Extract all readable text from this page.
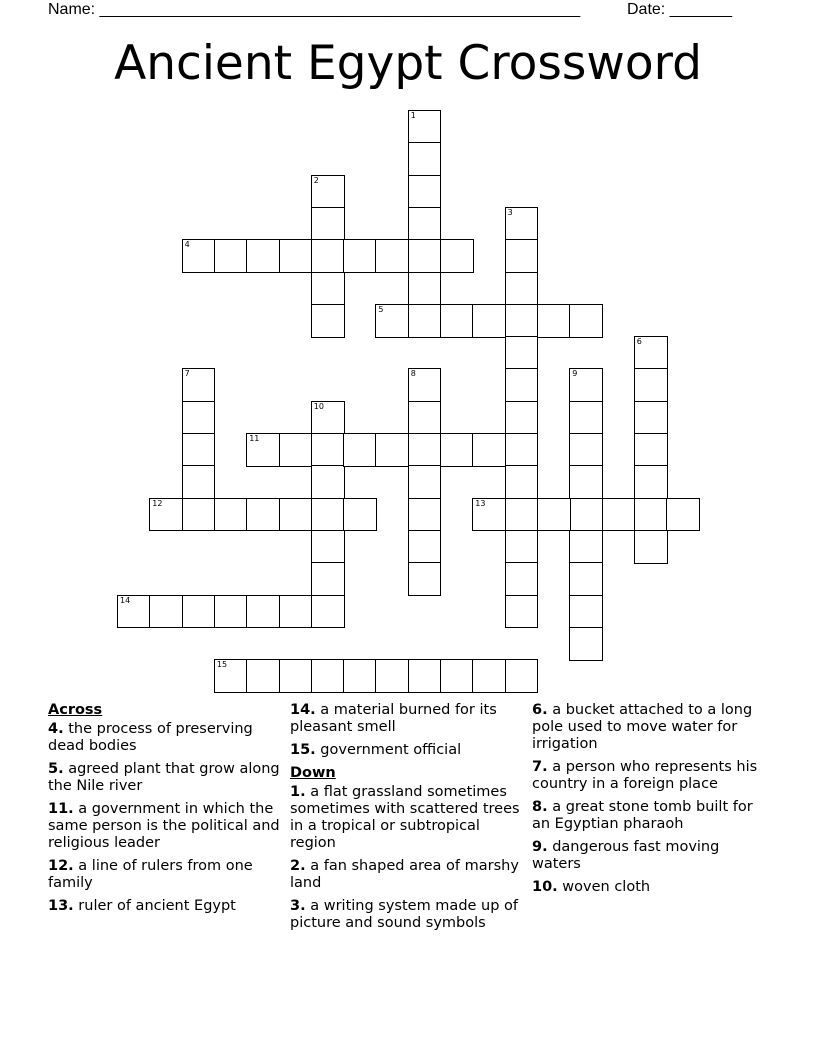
Name: ______________________________________________________	Date: _______
Ancient Egypt Crossword
1
2
3
4
5
6
7	8	9
10
11
12	13
14
15
Across
4. the process of preserving dead bodies
5. agreed plant that grow along the Nile river
11. a government in which the same person is the political and religious leader
12. a line of rulers from one family
13. ruler of ancient Egypt
14. a material burned for its pleasant smell
15. government official
Down
1. a flat grassland sometimes sometimes with scattered trees in a tropical or subtropical region
2. a fan shaped area of marshy land
3. a writing system made up of picture and sound symbols
6. a bucket attached to a long pole used to move water for irrigation
7. a person who represents his country in a foreign place
8. a great stone tomb built for an Egyptian pharaoh
9. dangerous fast moving waters
10. woven cloth
